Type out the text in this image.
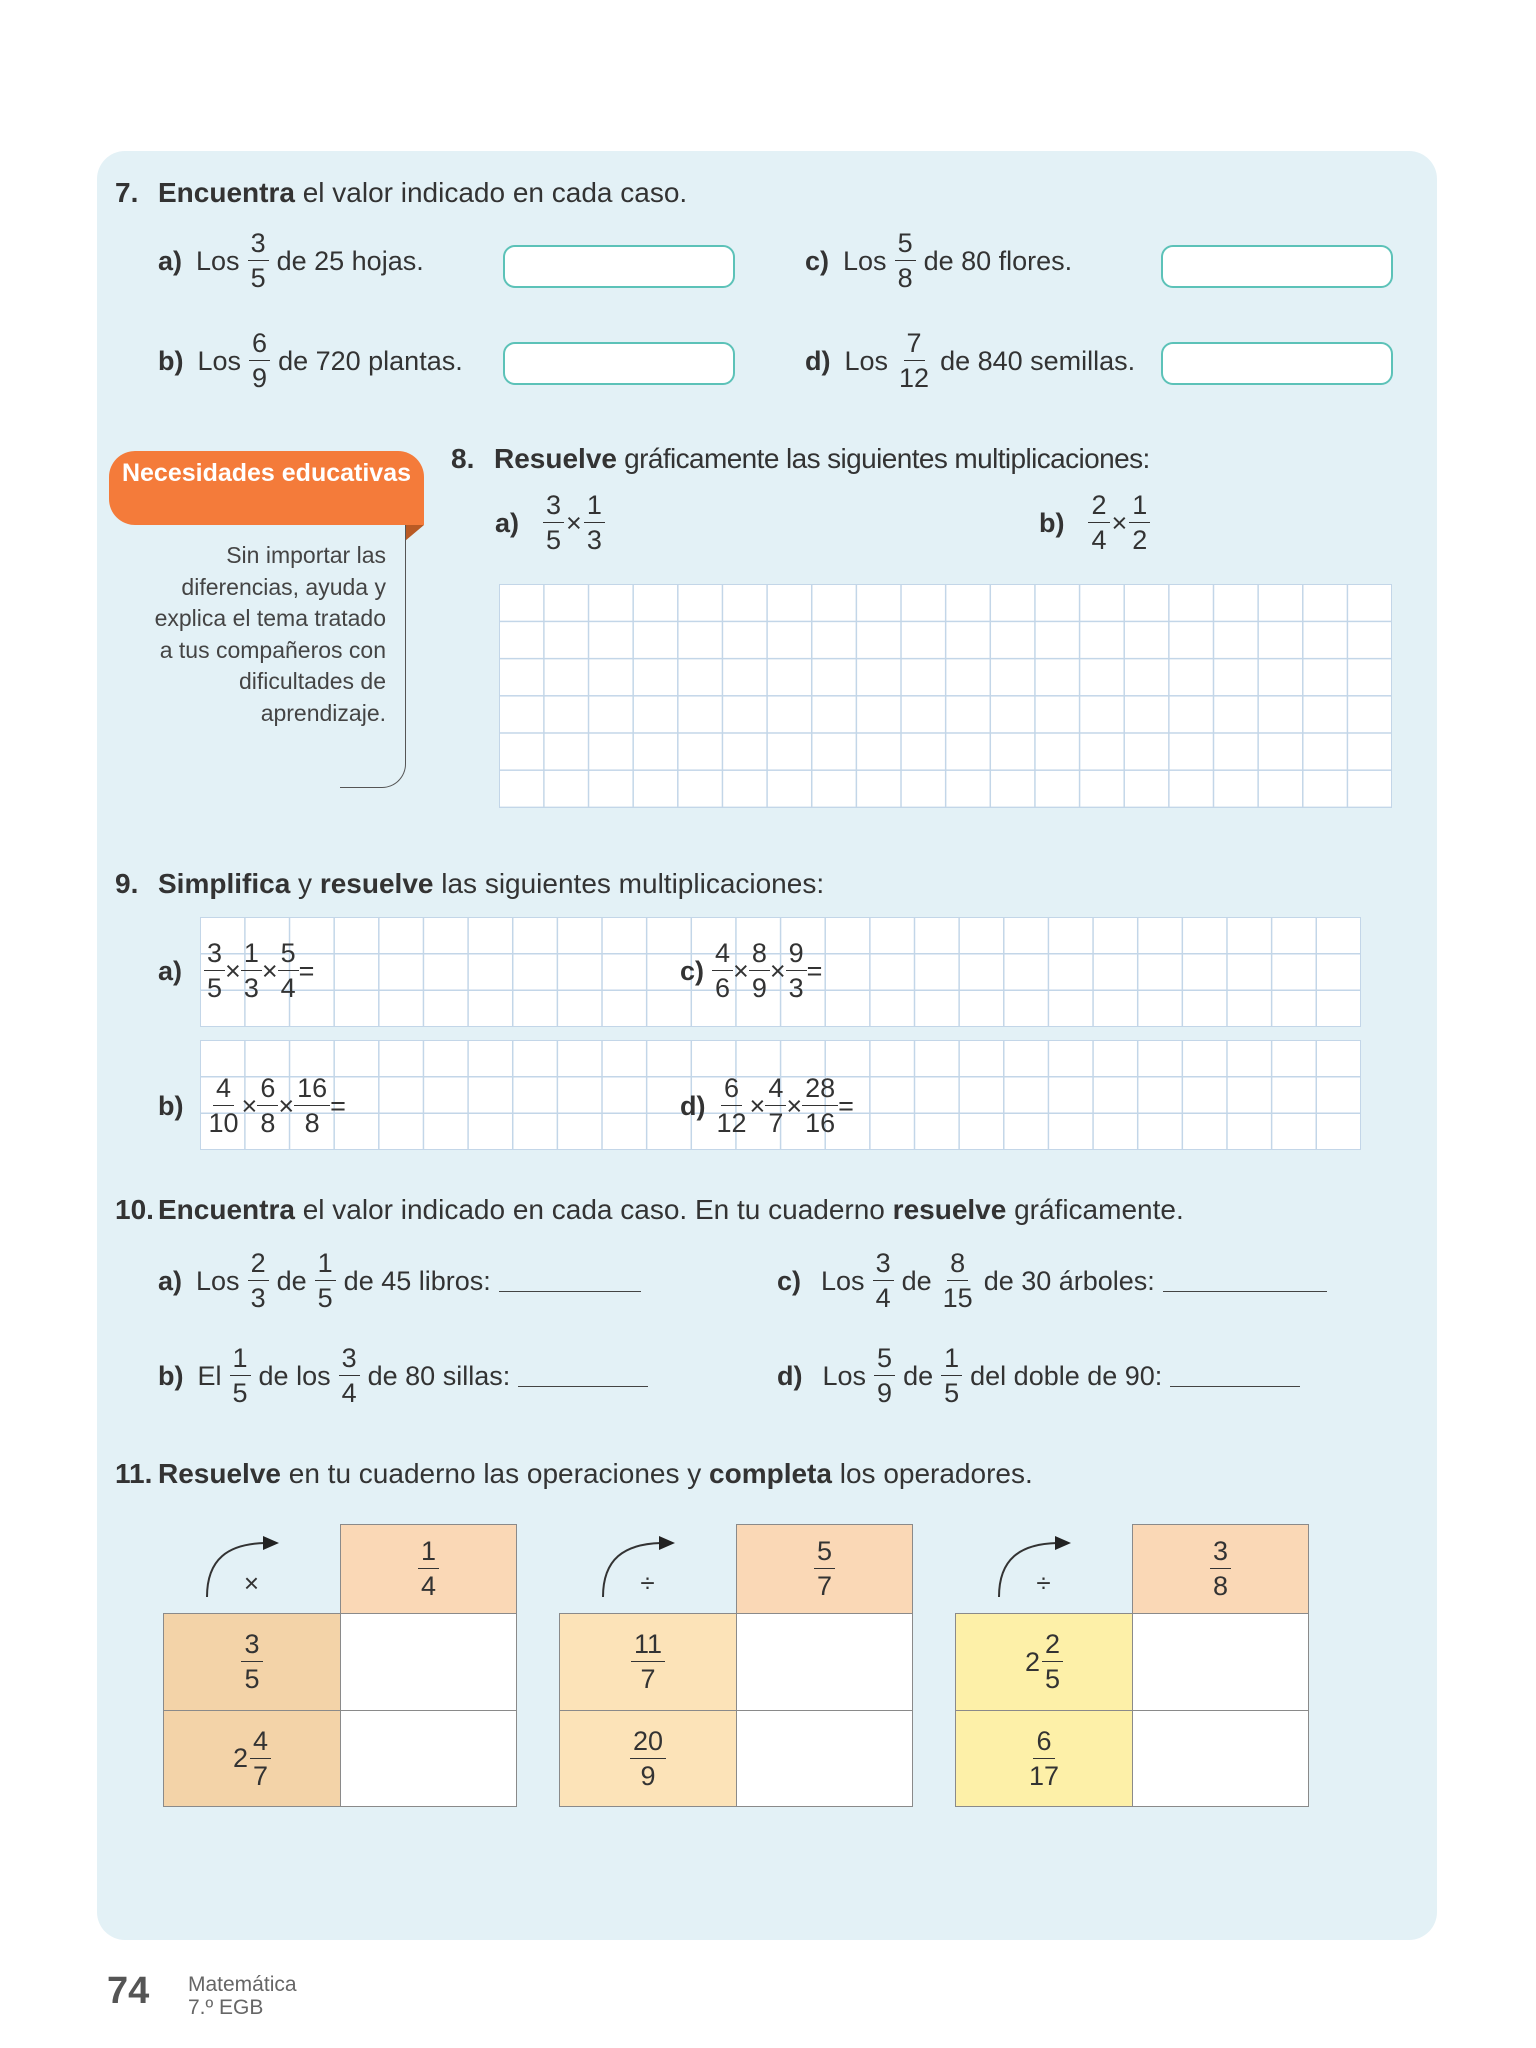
7. Encuentra el valor indicado en cada caso.
a) Los $\frac{3}{5}$ de 25 hojas.
b) Los $\frac{6}{9}$ de 720 plantas.
c) Los $\frac{5}{8}$ de 80 flores.
d) Los $\frac{7}{12}$ de 840 semillas.
Necesidades educativas
Sin importar las diferencias, ayuda y explica el tema tratado a tus compañeros con dificultades de aprendizaje.
8. Resuelve gráficamente las siguientes multiplicaciones:
$a) \frac{3}{5} \times \frac{1}{3}$	$b) \frac{2}{4} \times \frac{1}{2}$
9. Simplifica y resuelve las siguientes multiplicaciones:
$a) \frac{3}{5} \times \frac{1}{3} \times \frac{5}{4}$ =
$b) \frac{4}{10} \times \frac{6}{8} \times \frac{16}{8}$ =
$c) \frac{4}{6} \times \frac{8}{9} \times \frac{9}{3}$ =
$d) \frac{6}{12} \times \frac{4}{7} \times \frac{28}{16}$ =
10. Encuentra el valor indicado en cada caso. En tu cuaderno resuelve gráficamente.
a) Los $\frac{2}{3}$ de $\frac{1}{5}$ de 45 libros:
b) El $\frac{1}{5}$ de los $\frac{3}{4}$ de 80 sillas:
c) Los $\frac{3}{4}$ de $\frac{8}{15}$ de 30 árboles:
d) Los $\frac{5}{9}$ de $\frac{1}{5}$ del doble de 90:
11. Resuelve en tu cuaderno las operaciones y completa los operadores.
×	$\frac{1}{4}$
$\frac{3}{5}$
$2 \frac{4}{7}$
÷	$\frac{5}{7}$
$\frac{11}{7}$
$\frac{20}{9}$
÷	$\frac{3}{8}$
$2 \frac{2}{5}$
$\frac{6}{17}$
74 Matemática
7.º EGB
